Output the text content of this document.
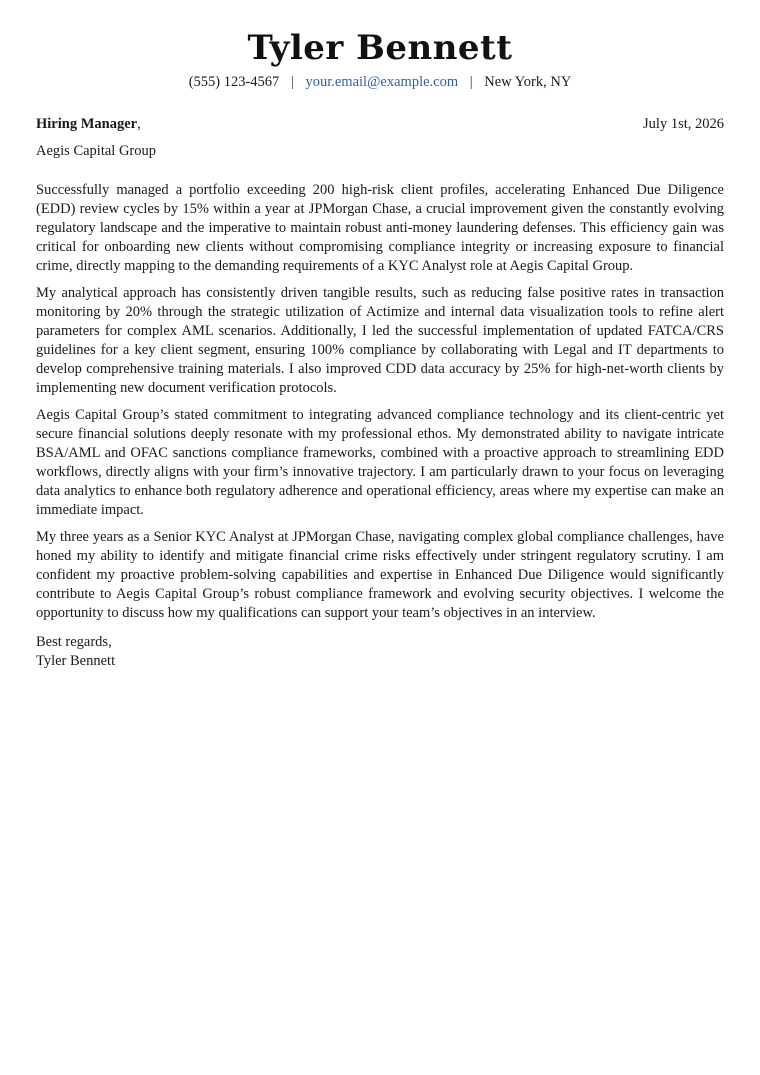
Tyler Bennett
(555) 123-4567 | your.email@example.com | New York, NY
Hiring Manager,	July 1st, 2026
Aegis Capital Group

Successfully managed a portfolio exceeding 200 high-risk client profiles, accelerating Enhanced Due Diligence (EDD) review cycles by 15% within a year at JPMorgan Chase, a crucial improvement given the constantly evolving regulatory landscape and the imperative to maintain robust anti-money laundering defenses. This efficiency gain was critical for onboarding new clients without compromising compliance integrity or increasing exposure to financial crime, directly mapping to the demanding requirements of a KYC Analyst role at Aegis Capital Group.

My analytical approach has consistently driven tangible results, such as reducing false positive rates in transaction monitoring by 20% through the strategic utilization of Actimize and internal data visualization tools to refine alert parameters for complex AML scenarios. Additionally, I led the successful implementation of updated FATCA/CRS guidelines for a key client segment, ensuring 100% compliance by collaborating with Legal and IT departments to develop comprehensive training materials. I also improved CDD data accuracy by 25% for high-net-worth clients by implementing new document verification protocols.

Aegis Capital Group’s stated commitment to integrating advanced compliance technology and its client-centric yet secure financial solutions deeply resonate with my professional ethos. My demonstrated ability to navigate intricate BSA/AML and OFAC sanctions compliance frameworks, combined with a proactive approach to streamlining EDD workflows, directly aligns with your firm’s innovative trajectory. I am particularly drawn to your focus on leveraging data analytics to enhance both regulatory adherence and operational efficiency, areas where my expertise can make an immediate impact.

My three years as a Senior KYC Analyst at JPMorgan Chase, navigating complex global compliance challenges, have honed my ability to identify and mitigate financial crime risks effectively under stringent regulatory scrutiny. I am confident my proactive problem-solving capabilities and expertise in Enhanced Due Diligence would significantly contribute to Aegis Capital Group’s robust compliance framework and evolving security objectives. I welcome the opportunity to discuss how my qualifications can support your team’s objectives in an interview.

Best regards,
Tyler Bennett
